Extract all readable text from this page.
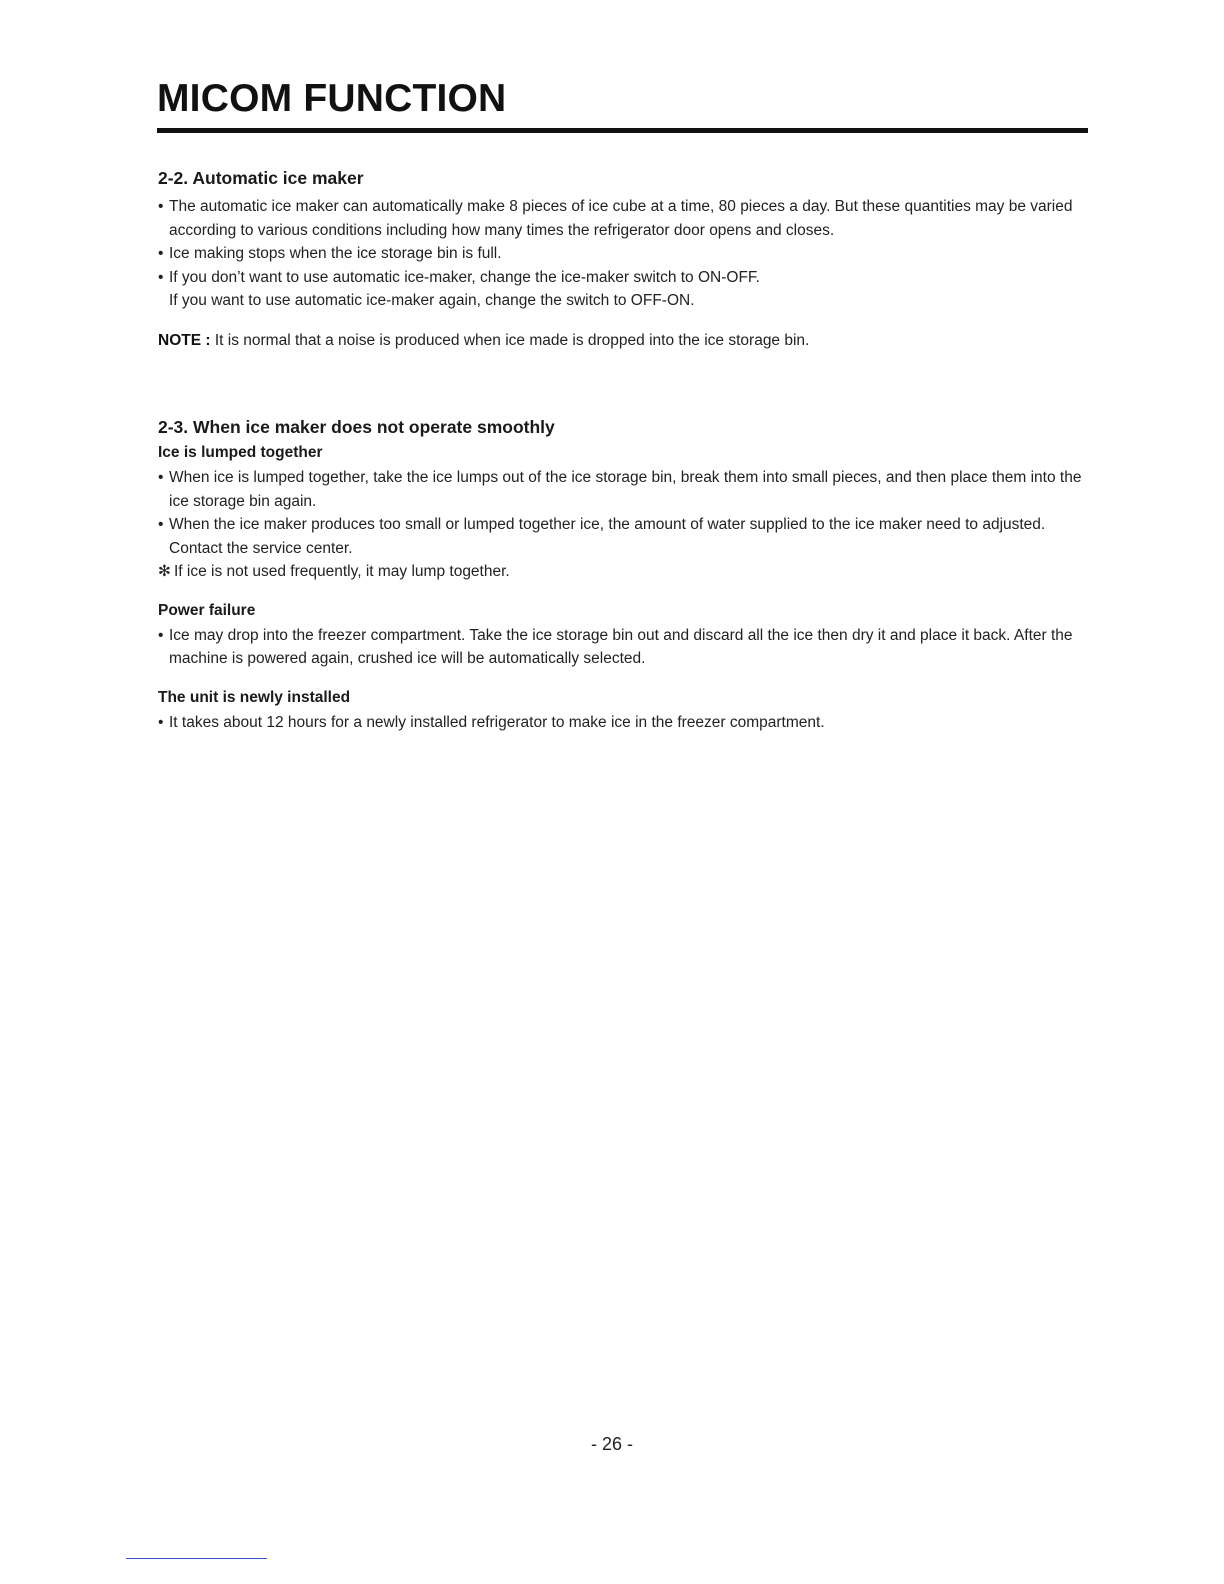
MICOM FUNCTION
2-2. Automatic ice maker
• The automatic ice maker can automatically make 8 pieces of ice cube at a time, 80 pieces a day. But these quantities may be varied according to various conditions including how many times the refrigerator door opens and closes.
• Ice making stops when the ice storage bin is full.
• If you don’t want to use automatic ice-maker, change the ice-maker switch to ON-OFF.
If you want to use automatic ice-maker again, change the switch to OFF-ON.
NOTE : It is normal that a noise is produced when ice made is dropped into the ice storage bin.
2-3. When ice maker does not operate smoothly
Ice is lumped together
• When ice is lumped together, take the ice lumps out of the ice storage bin, break them into small pieces, and then place them into the ice storage bin again.
• When the ice maker produces too small or lumped together ice, the amount of water supplied to the ice maker need to adjusted. Contact the service center.
✻ If ice is not used frequently, it may lump together.
Power failure
• Ice may drop into the freezer compartment. Take the ice storage bin out and discard all the ice then dry it and place it back. After the machine is powered again, crushed ice will be automatically selected.
The unit is newly installed
• It takes about 12 hours for a newly installed refrigerator to make ice in the freezer compartment.
- 26 -
